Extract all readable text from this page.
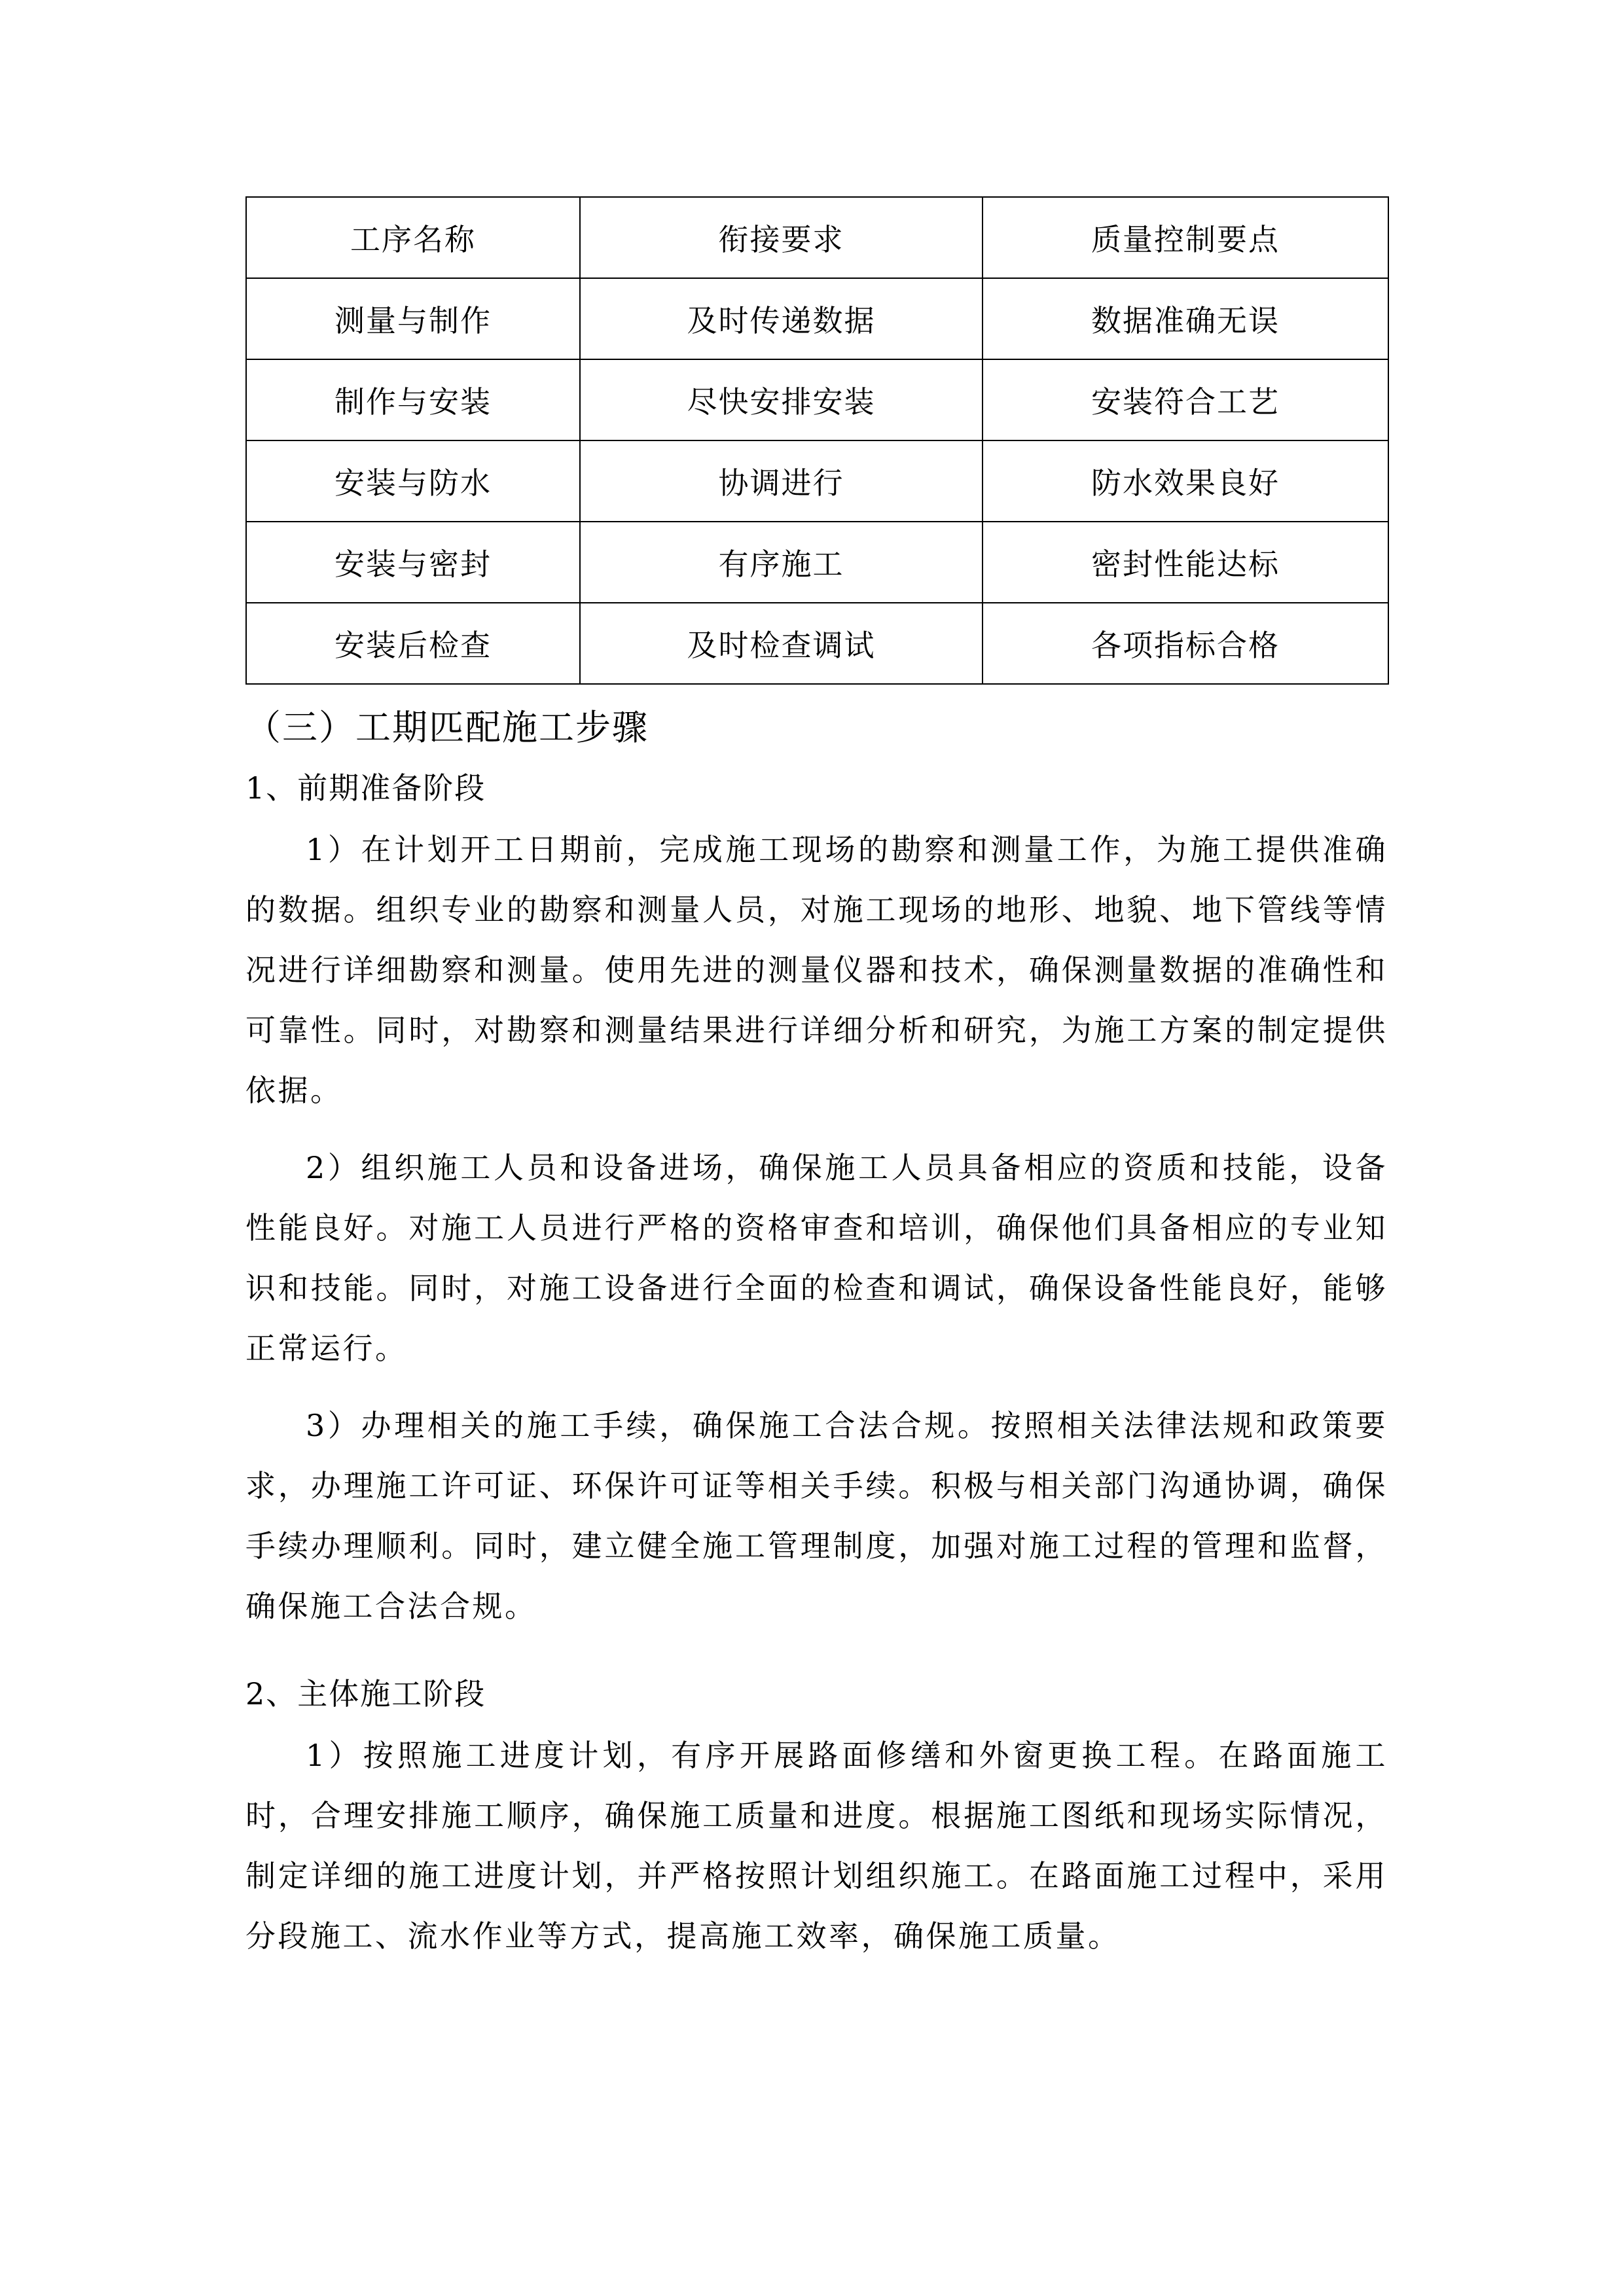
工序名称	衔接要求	质量控制要点
测量与制作	及时传递数据	数据准确无误
制作与安装	尽快安排安装	安装符合工艺
安装与防水	协调进行	防水效果良好
安装与密封	有序施工	密封性能达标
安装后检查	及时检查调试	各项指标合格
（三）工期匹配施工步骤
1、前期准备阶段

1）在计划开工日期前，完成施工现场的勘察和测量工作，为施工提供准确的数据。组织专业的勘察和测量人员，对施工现场的地形、地貌、地下管线等情况进行详细勘察和测量。使用先进的测量仪器和技术，确保测量数据的准确性和可靠性。同时，对勘察和测量结果进行详细分析和研究，为施工方案的制定提供依据。

2）组织施工人员和设备进场，确保施工人员具备相应的资质和技能，设备性能良好。对施工人员进行严格的资格审查和培训，确保他们具备相应的专业知识和技能。同时，对施工设备进行全面的检查和调试，确保设备性能良好，能够正常运行。

3）办理相关的施工手续，确保施工合法合规。按照相关法律法规和政策要求，办理施工许可证、环保许可证等相关手续。积极与相关部门沟通协调，确保手续办理顺利。同时，建立健全施工管理制度，加强对施工过程的管理和监督，确保施工合法合规。

2、主体施工阶段

1）按照施工进度计划，有序开展路面修缮和外窗更换工程。在路面施工时，合理安排施工顺序，确保施工质量和进度。根据施工图纸和现场实际情况，制定详细的施工进度计划，并严格按照计划组织施工。在路面施工过程中，采用分段施工、流水作业等方式，提高施工效率，确保施工质量。
